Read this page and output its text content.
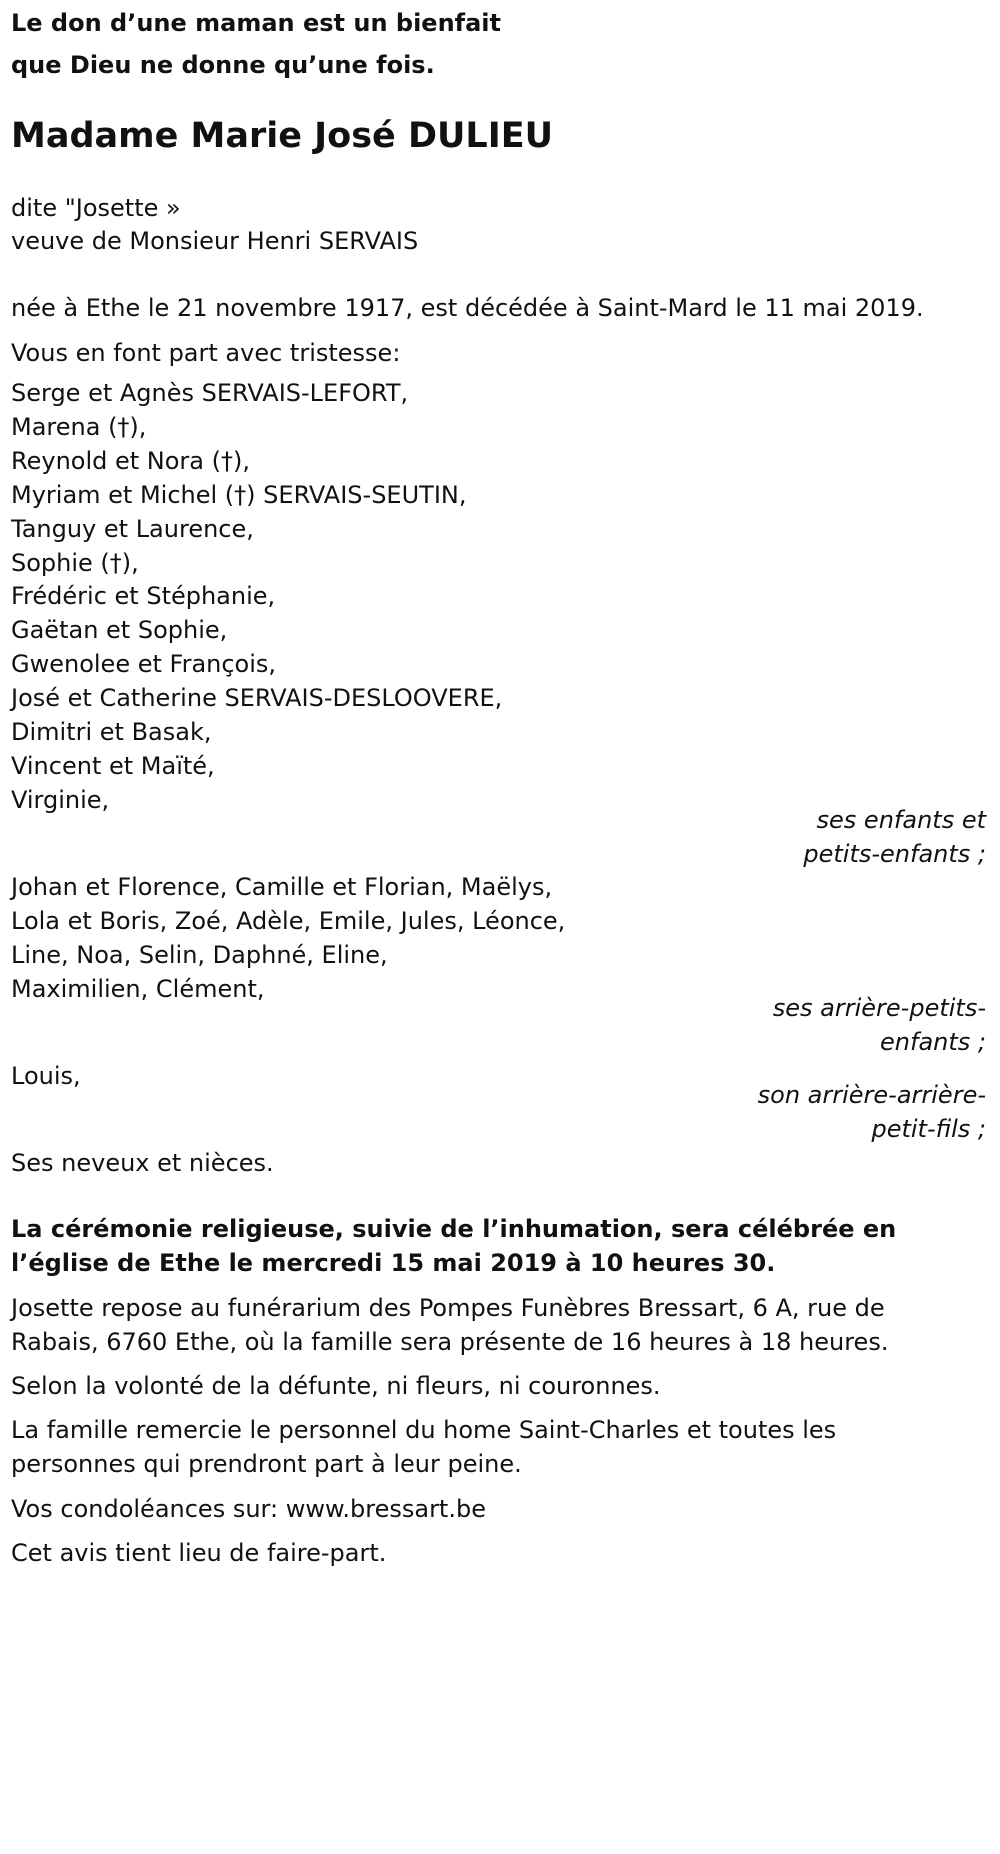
Le don d’une maman est un bienfait
que Dieu ne donne qu’une fois.
Madame Marie José DULIEU
dite "Josette »
veuve de Monsieur Henri SERVAIS
née à Ethe le 21 novembre 1917, est décédée à Saint-Mard le 11 mai 2019.
Vous en font part avec tristesse:
Serge et Agnès SERVAIS-LEFORT,
Marena (†),
Reynold et Nora (†),
Myriam et Michel (†) SERVAIS-SEUTIN,
Tanguy et Laurence,
Sophie (†),
Frédéric et Stéphanie,
Gaëtan et Sophie,
Gwenolee et François,
José et Catherine SERVAIS-DESLOOVERE,
Dimitri et Basak,
Vincent et Maïté,
Virginie,
ses enfants et
petits-enfants ;
Johan et Florence, Camille et Florian, Maëlys,
Lola et Boris, Zoé, Adèle, Emile, Jules, Léonce,
Line, Noa, Selin, Daphné, Eline,
Maximilien, Clément,
ses arrière-petits-
enfants ;
Louis,
son arrière-arrière-
petit-fils ;
Ses neveux et nièces.
La cérémonie religieuse, suivie de l’inhumation, sera célébrée en
l’église de Ethe le mercredi 15 mai 2019 à 10 heures 30.
Josette repose au funérarium des Pompes Funèbres Bressart, 6 A, rue de
Rabais, 6760 Ethe, où la famille sera présente de 16 heures à 18 heures.
Selon la volonté de la défunte, ni fleurs, ni couronnes.
La famille remercie le personnel du home Saint-Charles et toutes les
personnes qui prendront part à leur peine.
Vos condoléances sur: www.bressart.be
Cet avis tient lieu de faire-part.
